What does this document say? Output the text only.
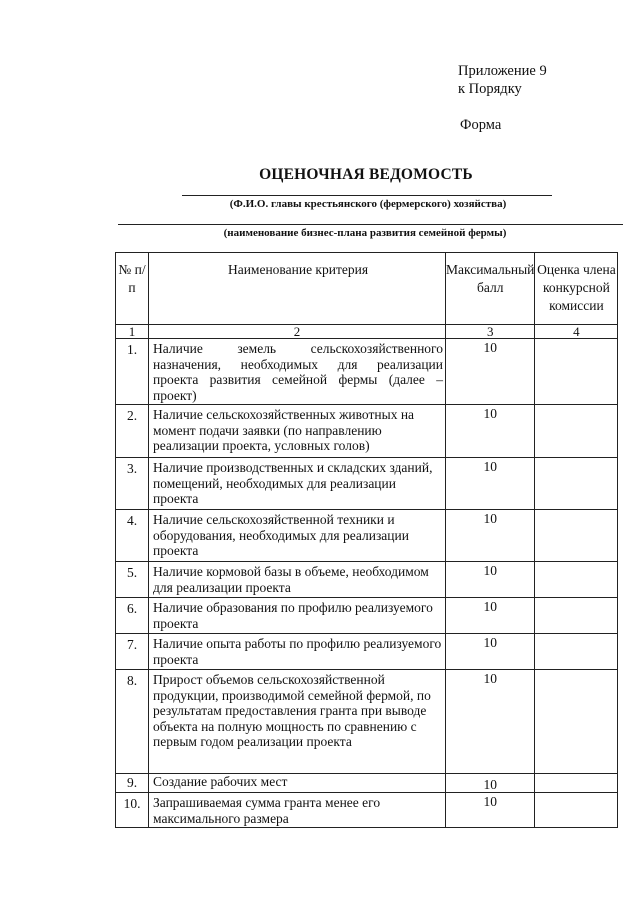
Приложение 9
к Порядку
Форма
ОЦЕНОЧНАЯ ВЕДОМОСТЬ
(Ф.И.О. главы крестьянского (фермерского) хозяйства)
(наименование бизнес-плана развития семейной фермы)
№ п/п	Наименование критерия	Максимальный балл	Оценка члена конкурсной комиссии
1	2	3	4
1.	Наличие земель сельскохозяйственного назначения, необходимых для реализации проекта развития семейной фермы (далее – проект)	10	
2.	Наличие сельскохозяйственных животных на момент подачи заявки (по направлению реализации проекта, условных голов)	10	
3.	Наличие производственных и складских зданий, помещений, необходимых для реализации проекта	10	
4.	Наличие сельскохозяйственной техники и оборудования, необходимых для реализации проекта	10	
5.	Наличие кормовой базы в объеме, необходимом для реализации проекта	10	
6.	Наличие образования по профилю реализуемого проекта	10	
7.	Наличие опыта работы по профилю реализуемого проекта	10	
8.	Прирост объемов сельскохозяйственной продукции, производимой семейной фермой, по результатам предоставления гранта при выводе объекта на полную мощность по сравнению с первым годом реализации проекта	10	
9.	Создание рабочих мест	10	
10.	Запрашиваемая сумма гранта менее его максимального размера	10	
